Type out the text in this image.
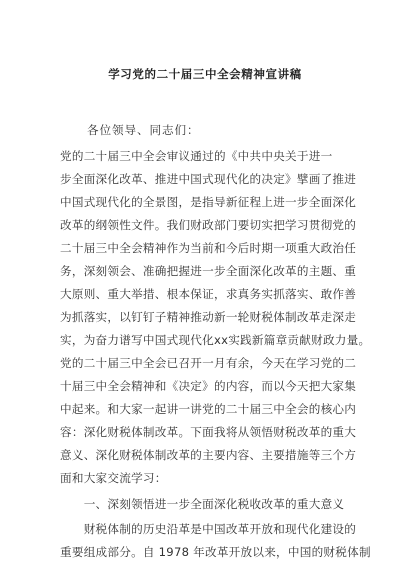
学习党的二十届三中全会精神宣讲稿
各位领导、同志们：
党的二十届三中全会审议通过的《中共中央关于进一
步全面深化改革、推进中国式现代化的决定》擘画了推进
中国式现代化的全景图，是指导新征程上进一步全面深化
改革的纲领性文件。我们财政部门要切实把学习贯彻党的
二十届三中全会精神作为当前和今后时期一项重大政治任
务，深刻领会、准确把握进一步全面深化改革的主题、重
大原则、重大举措、根本保证，求真务实抓落实、敢作善
为抓落实，以钉钉子精神推动新一轮财税体制改革走深走
实，为奋力谱写中国式现代化xx实践新篇章贡献财政力量。
党的二十届三中全会已召开一月有余，今天在学习党的二
十届三中全会精神和《决定》的内容，而以今天把大家集
中起来。和大家一起讲一讲党的二十届三中全会的核心内
容：深化财税体制改革。下面我将从领悟财税改革的重大
意义、深化财税体制改革的主要内容、主要措施等三个方
面和大家交流学习：
　　一、深刻领悟进一步全面深化税收改革的重大意义
　　财税体制的历史沿革是中国改革开放和现代化建设的
重要组成部分。自 1978 年改革开放以来，中国的财税体制
